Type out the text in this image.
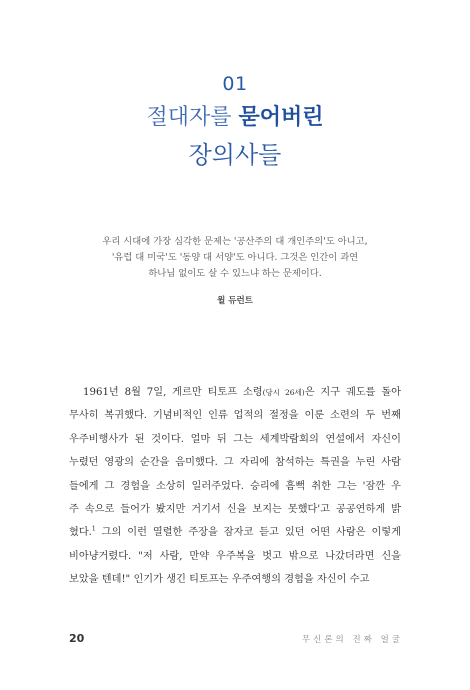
01
절대자를 묻어버린
장의사들
우리 시대에 가장 심각한 문제는 '공산주의 대 개인주의'도 아니고,
'유럽 대 미국'도 '동양 대 서양'도 아니다. 그것은 인간이 과연
하나님 없이도 살 수 있느냐 하는 문제이다.
윌 듀런트
1961년 8월 7일, 게르만 티토프 소령(당시 26세)은 지구 궤도를 돌아
무사히 복귀했다. 기념비적인 인류 업적의 절정을 이룬 소련의 두 번째
우주비행사가 된 것이다. 얼마 뒤 그는 세계박람회의 연설에서 자신이
누렸던 영광의 순간을 음미했다. 그 자리에 참석하는 특권을 누린 사람
들에게 그 경험을 소상히 일러주었다. 승리에 흠뻑 취한 그는 '잠깐 우
주 속으로 들어가 봤지만 거기서 신을 보지는 못했다'고 공공연하게 밝
혔다.$^1$ 그의 이런 열렬한 주장을 잠자코 듣고 있던 어떤 사람은 이렇게
비아냥거렸다. "저 사람, 만약 우주복을 벗고 밖으로 나갔더라면 신을
보았을 텐데!" 인기가 생긴 티토프는 우주여행의 경험을 자신이 수고
20	무신론의 진짜 얼굴
